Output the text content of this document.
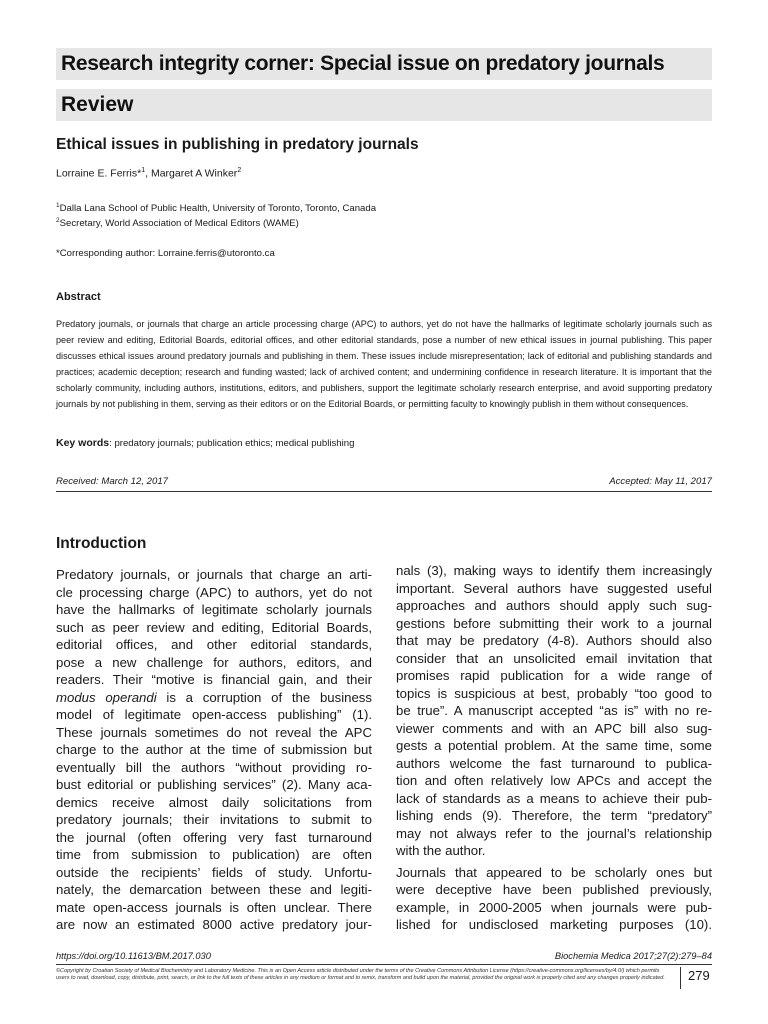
Research integrity corner: Special issue on predatory journals
Review
Ethical issues in publishing in predatory journals
Lorraine E. Ferris*$^1$, Margaret A Winker$^2$
$^1$Dalla Lana School of Public Health, University of Toronto, Toronto, Canada
$^2$Secretary, World Association of Medical Editors (WAME)
*Corresponding author: Lorraine.ferris@utoronto.ca
Abstract
Predatory journals, or journals that charge an article processing charge (APC) to authors, yet do not have the hallmarks of legitimate scholarly journals such as peer review and editing, Editorial Boards, editorial offices, and other editorial standards, pose a number of new ethical issues in journal publishing. This paper discusses ethical issues around predatory journals and publishing in them. These issues include misrepresentation; lack of editorial and publishing standards and practices; academic deception; research and funding wasted; lack of archived content; and undermining confidence in research literature. It is important that the scholarly community, including authors, institutions, editors, and publishers, support the legitimate scholarly research enterprise, and avoid supporting predatory journals by not publishing in them, serving as their editors or on the Editorial Boards, or permitting faculty to knowingly publish in them without consequences.
Key words: predatory journals; publication ethics; medical publishing
Received: March 12, 2017	Accepted: May 11, 2017
Introduction

Predatory journals, or journals that charge an arti-

cle processing charge (APC) to authors, yet do not

have the hallmarks of legitimate scholarly journals

such as peer review and editing, Editorial Boards,

editorial offices, and other editorial standards,

pose a new challenge for authors, editors, and

readers. Their “motive is financial gain, and their

modus operandi is a corruption of the business

model of legitimate open-access publishing” (1).

These journals sometimes do not reveal the APC

charge to the author at the time of submission but

eventually bill the authors “without providing ro-

bust editorial or publishing services” (2). Many aca-

demics receive almost daily solicitations from

predatory journals; their invitations to submit to

the journal (often offering very fast turnaround

time from submission to publication) are often

outside the recipients’ fields of study. Unfortu-

nately, the demarcation between these and legiti-

mate open-access journals is often unclear. There

are now an estimated 8000 active predatory jour-

nals (3), making ways to identify them increasingly

important. Several authors have suggested useful

approaches and authors should apply such sug-

gestions before submitting their work to a journal

that may be predatory (4-8). Authors should also

consider that an unsolicited email invitation that

promises rapid publication for a wide range of

topics is suspicious at best, probably “too good to

be true”. A manuscript accepted “as is” with no re-

viewer comments and with an APC bill also sug-

gests a potential problem. At the same time, some

authors welcome the fast turnaround to publica-

tion and often relatively low APCs and accept the

lack of standards as a means to achieve their pub-

lishing ends (9). Therefore, the term “predatory”

may not always refer to the journal’s relationship

with the author.

Journals that appeared to be scholarly ones but

were deceptive have been published previously,

example, in 2000-2005 when journals were pub-

lished for undisclosed marketing purposes (10).

https://doi.org/10.11613/BM.2017.030	Biochemia Medica 2017;27(2):279–84
©Copyright by Croatian Society of Medical Biochemistry and Laboratory Medicine. This is an Open Access article distributed under the terms of the Creative Commons Attribution License (https://creative-commons.org/licenses/by/4.0/) which permits users to read, download, copy, distribute, print, search, or link to the full texts of these articles in any medium or format and to remix, transform and build upon the material, provided the original work is properly cited and any changes properly indicated.	279
